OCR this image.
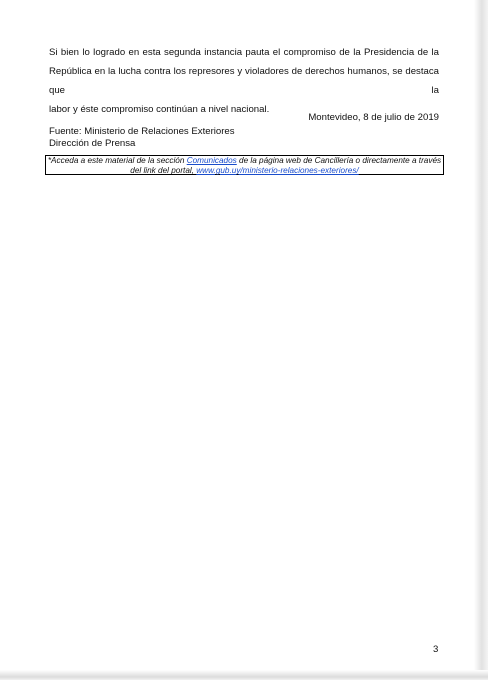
Si bien lo logrado en esta segunda instancia pauta el compromiso de la Presidencia de la
República en la lucha contra los represores y violadores de derechos humanos, se destaca que la
labor y éste compromiso continúan a nivel nacional.
Montevideo, 8 de julio de 2019
Fuente: Ministerio de Relaciones Exteriores
Dirección de Prensa
*Acceda a este material de la sección Comunicados de la página web de Cancillería o directamente a través
del link del portal, www.gub.uy/ministerio-relaciones-exteriores/
3
